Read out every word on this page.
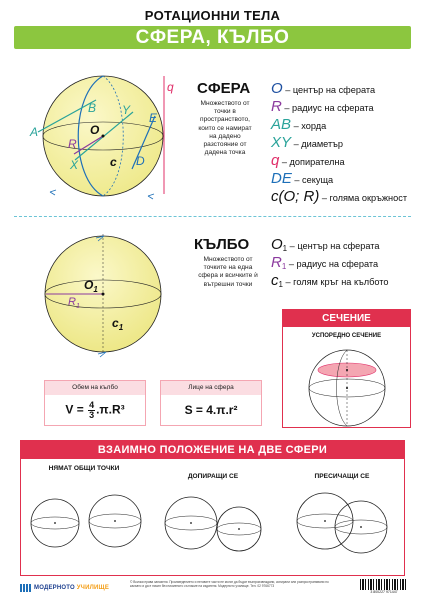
РОТАЦИОННИ ТЕЛА
СФЕРА, КЪЛБО
A
B Y
E
O
R
X	c D
q СФЕРА
Множеството от точки в пространството, които се намират на дадено разстояние от дадена точка
O – център на сферата
R – радиус на сферата
AB – хорда
XY – диаметър
q – допирателна
DE – секуща
c(O; R) – голяма окръжност
$O_1$
$R_1$
$c_1$
КЪЛБО
Множеството от точките на една сфера и всичките ѝ вътрешни точки
$O_1$ – център на сферата
$R_1$ – радиус на сферата
$c_1$ – голям кръг на кълбото
Обем на кълбо
$V = \frac{4}{3} .\pi.R^3$
Лице на сфера
S = 4.π.r²
СЕЧЕНИЕ
УСПОРЕДНО СЕЧЕНИЕ
ВЗАИМНО ПОЛОЖЕНИЕ НА ДВЕ СФЕРИ
НЯМАТ ОБЩИ ТОЧКИ
ДОПИРАЩИ СЕ	ПРЕСИЧАЩИ СЕ
МОДЕРНОТО УЧИЛИЩЕ
© Всички права запазени. Произведението и неговите части не могат да бъдат възпроизвеждани, копирани или разпространявани по какъвто и да е начин без писменото съгласие на издателя. Модерното училище. Тел. 02 9766773
3 800227 971447
